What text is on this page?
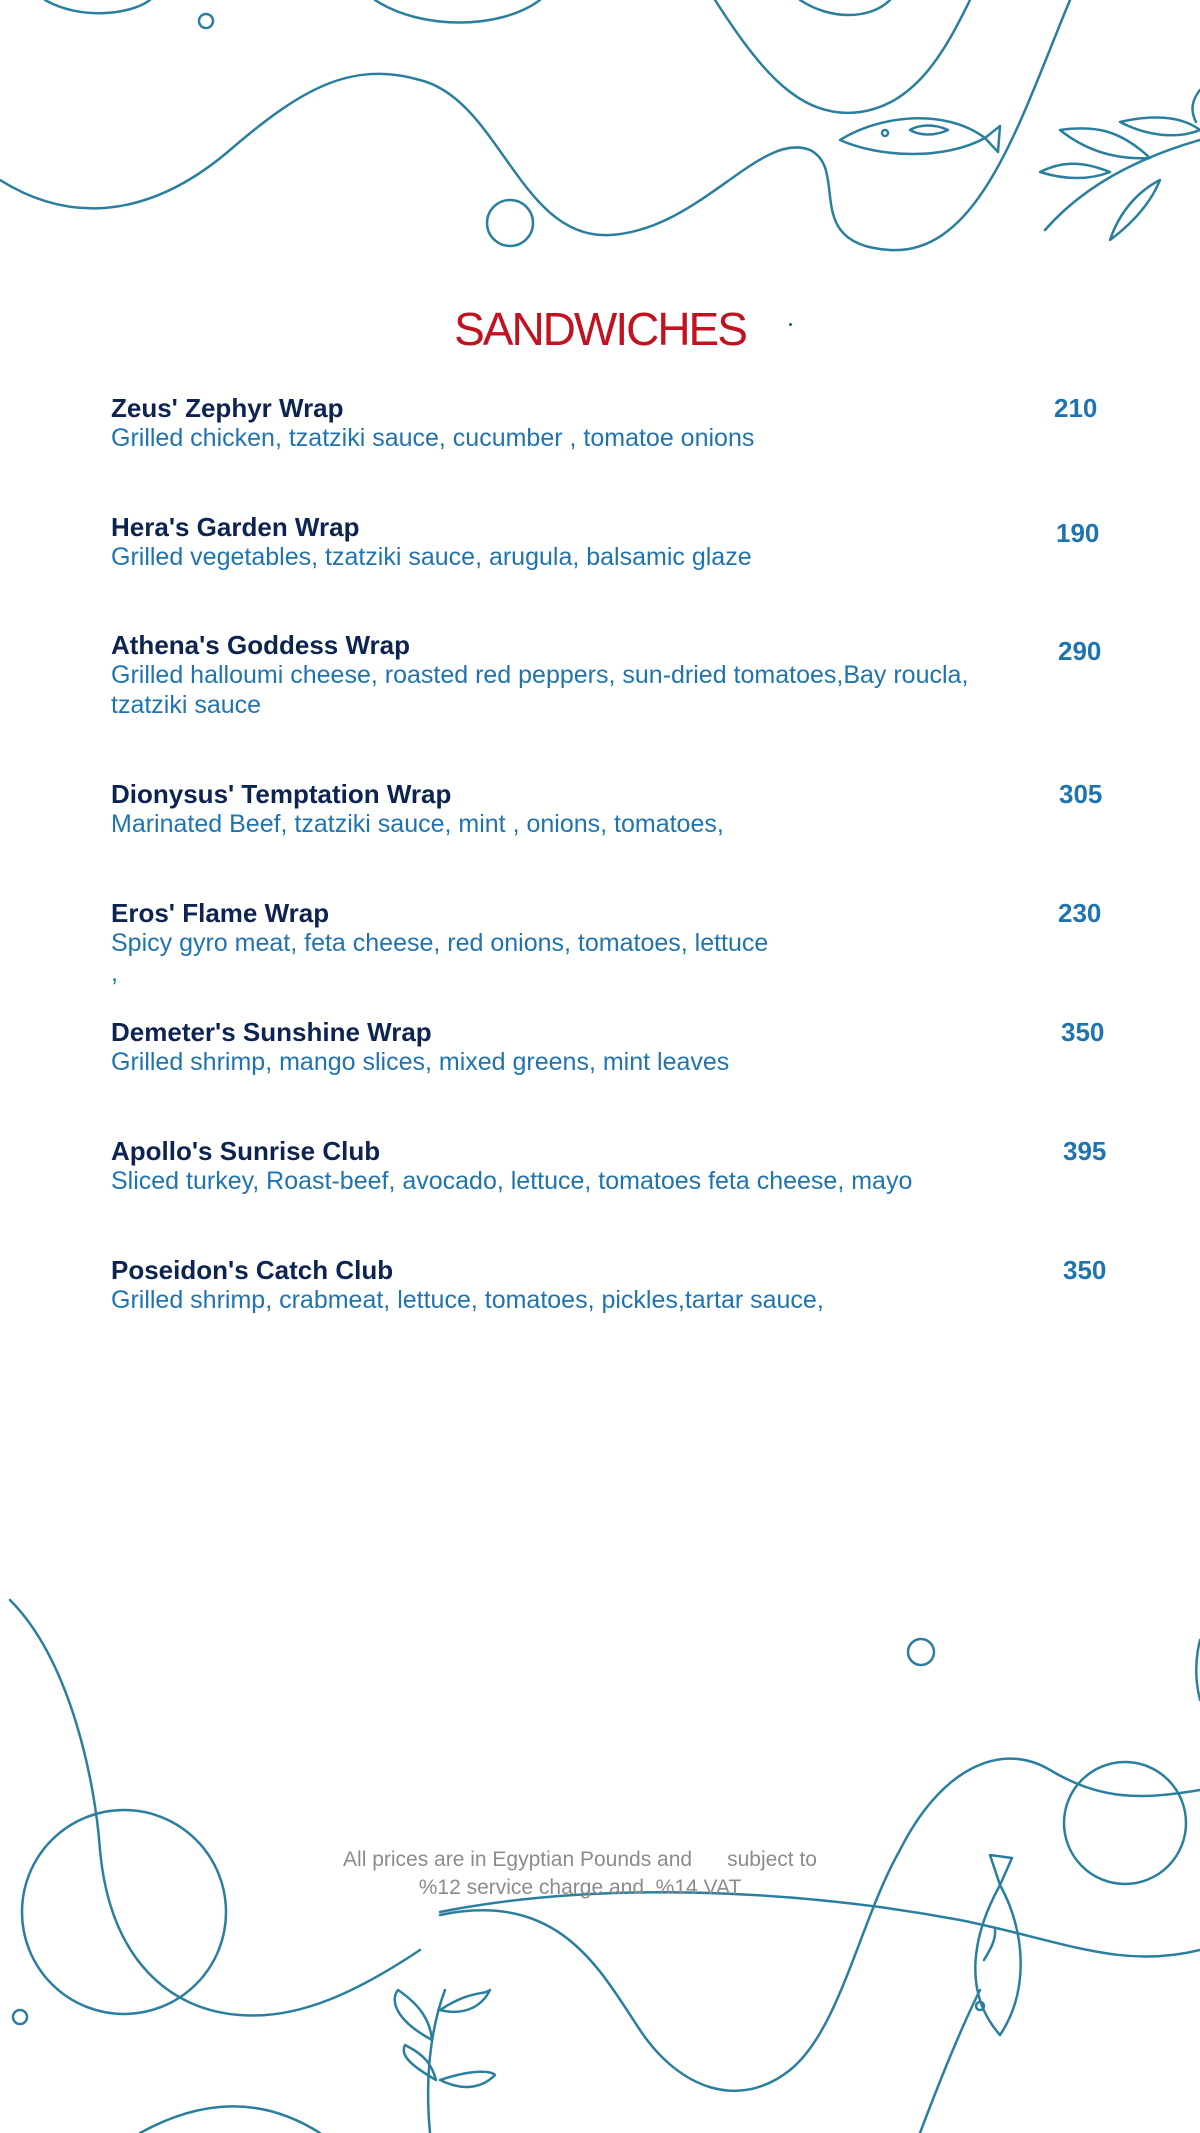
SANDWICHES
Zeus' Zephyr Wrap
Grilled chicken, tzatziki sauce, cucumber , tomatoe onions
210
Hera's Garden Wrap
Grilled vegetables, tzatziki sauce, arugula, balsamic glaze
190
Athena's Goddess Wrap
Grilled halloumi cheese, roasted red peppers, sun-dried tomatoes,Bay roucla, tzatziki sauce
290
Dionysus' Temptation Wrap
Marinated Beef, tzatziki sauce, mint , onions, tomatoes,
305
Eros' Flame Wrap
Spicy gyro meat, feta cheese, red onions, tomatoes, lettuce
,
230
Demeter's Sunshine Wrap
Grilled shrimp, mango slices, mixed greens, mint leaves
350
Apollo's Sunrise Club
Sliced turkey, Roast-beef, avocado, lettuce, tomatoes feta cheese, mayo
395
Poseidon's Catch Club
Grilled shrimp, crabmeat, lettuce, tomatoes, pickles,tartar sauce,
350
All prices are in Egyptian Pounds and      subject to
%12 service charge and  %14 VAT
